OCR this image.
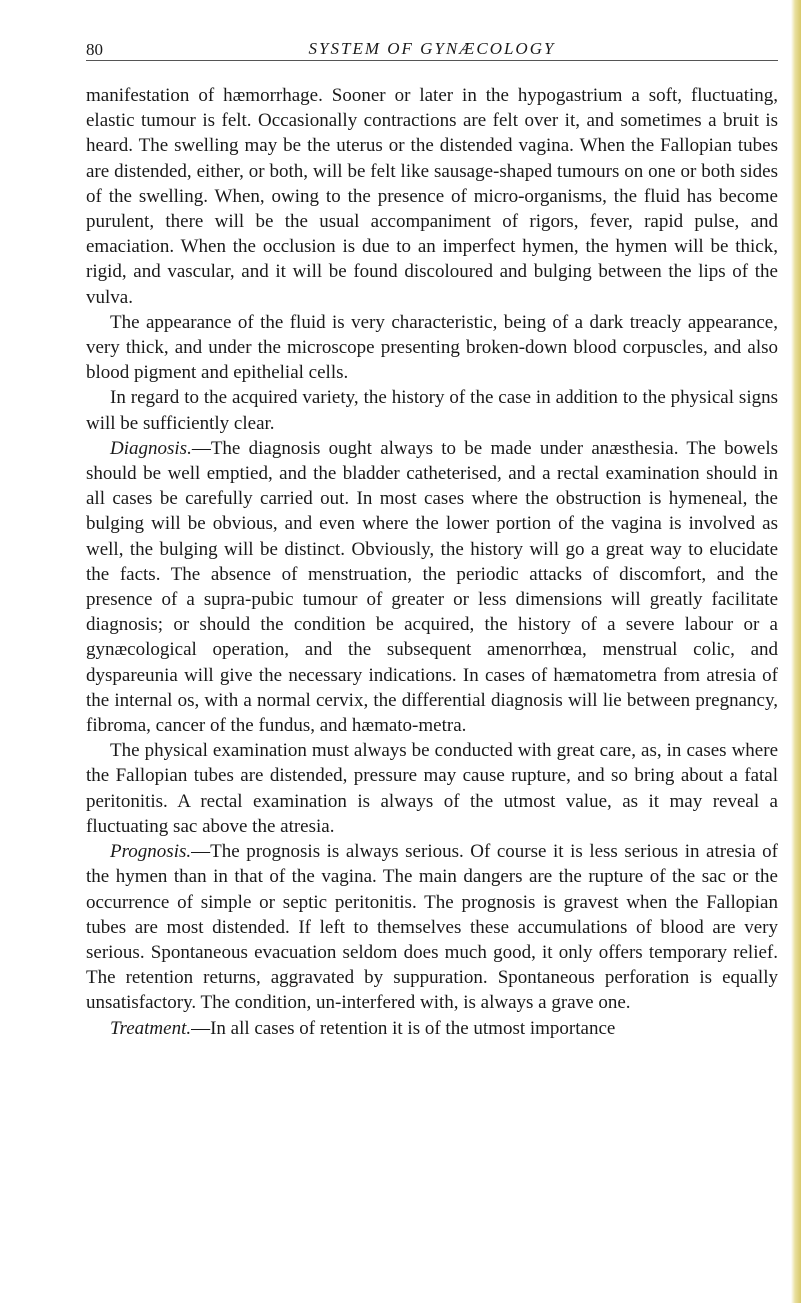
80	SYSTEM OF GYNÆCOLOGY

manifestation of hæmorrhage. Sooner or later in the hypogastrium a soft, fluctuating, elastic tumour is felt. Occasionally contractions are felt over it, and sometimes a bruit is heard. The swelling may be the uterus or the distended vagina. When the Fallopian tubes are distended, either, or both, will be felt like sausage-shaped tumours on one or both sides of the swelling. When, owing to the presence of micro-organisms, the fluid has become purulent, there will be the usual accompaniment of rigors, fever, rapid pulse, and emaciation. When the occlusion is due to an imperfect hymen, the hymen will be thick, rigid, and vascular, and it will be found discoloured and bulging between the lips of the vulva.

The appearance of the fluid is very characteristic, being of a dark treacly appearance, very thick, and under the microscope presenting broken-down blood corpuscles, and also blood pigment and epithelial cells.

In regard to the acquired variety, the history of the case in addition to the physical signs will be sufficiently clear.

Diagnosis.—The diagnosis ought always to be made under anæsthesia. The bowels should be well emptied, and the bladder catheterised, and a rectal examination should in all cases be carefully carried out. In most cases where the obstruction is hymeneal, the bulging will be obvious, and even where the lower portion of the vagina is involved as well, the bulging will be distinct. Obviously, the history will go a great way to elucidate the facts. The absence of menstruation, the periodic attacks of discomfort, and the presence of a supra-pubic tumour of greater or less dimensions will greatly facilitate diagnosis; or should the condition be acquired, the history of a severe labour or a gynæcological operation, and the subsequent amenorrhœa, menstrual colic, and dyspareunia will give the necessary indications. In cases of hæmatometra from atresia of the internal os, with a normal cervix, the differential diagnosis will lie between pregnancy, fibroma, cancer of the fundus, and hæmato-metra.

The physical examination must always be conducted with great care, as, in cases where the Fallopian tubes are distended, pressure may cause rupture, and so bring about a fatal peritonitis. A rectal examination is always of the utmost value, as it may reveal a fluctuating sac above the atresia.

Prognosis.—The prognosis is always serious. Of course it is less serious in atresia of the hymen than in that of the vagina. The main dangers are the rupture of the sac or the occurrence of simple or septic peritonitis. The prognosis is gravest when the Fallopian tubes are most distended. If left to themselves these accumulations of blood are very serious. Spontaneous evacuation seldom does much good, it only offers temporary relief. The retention returns, aggravated by suppuration. Spontaneous perforation is equally unsatisfactory. The condition, un-interfered with, is always a grave one.

Treatment.—In all cases of retention it is of the utmost importance
